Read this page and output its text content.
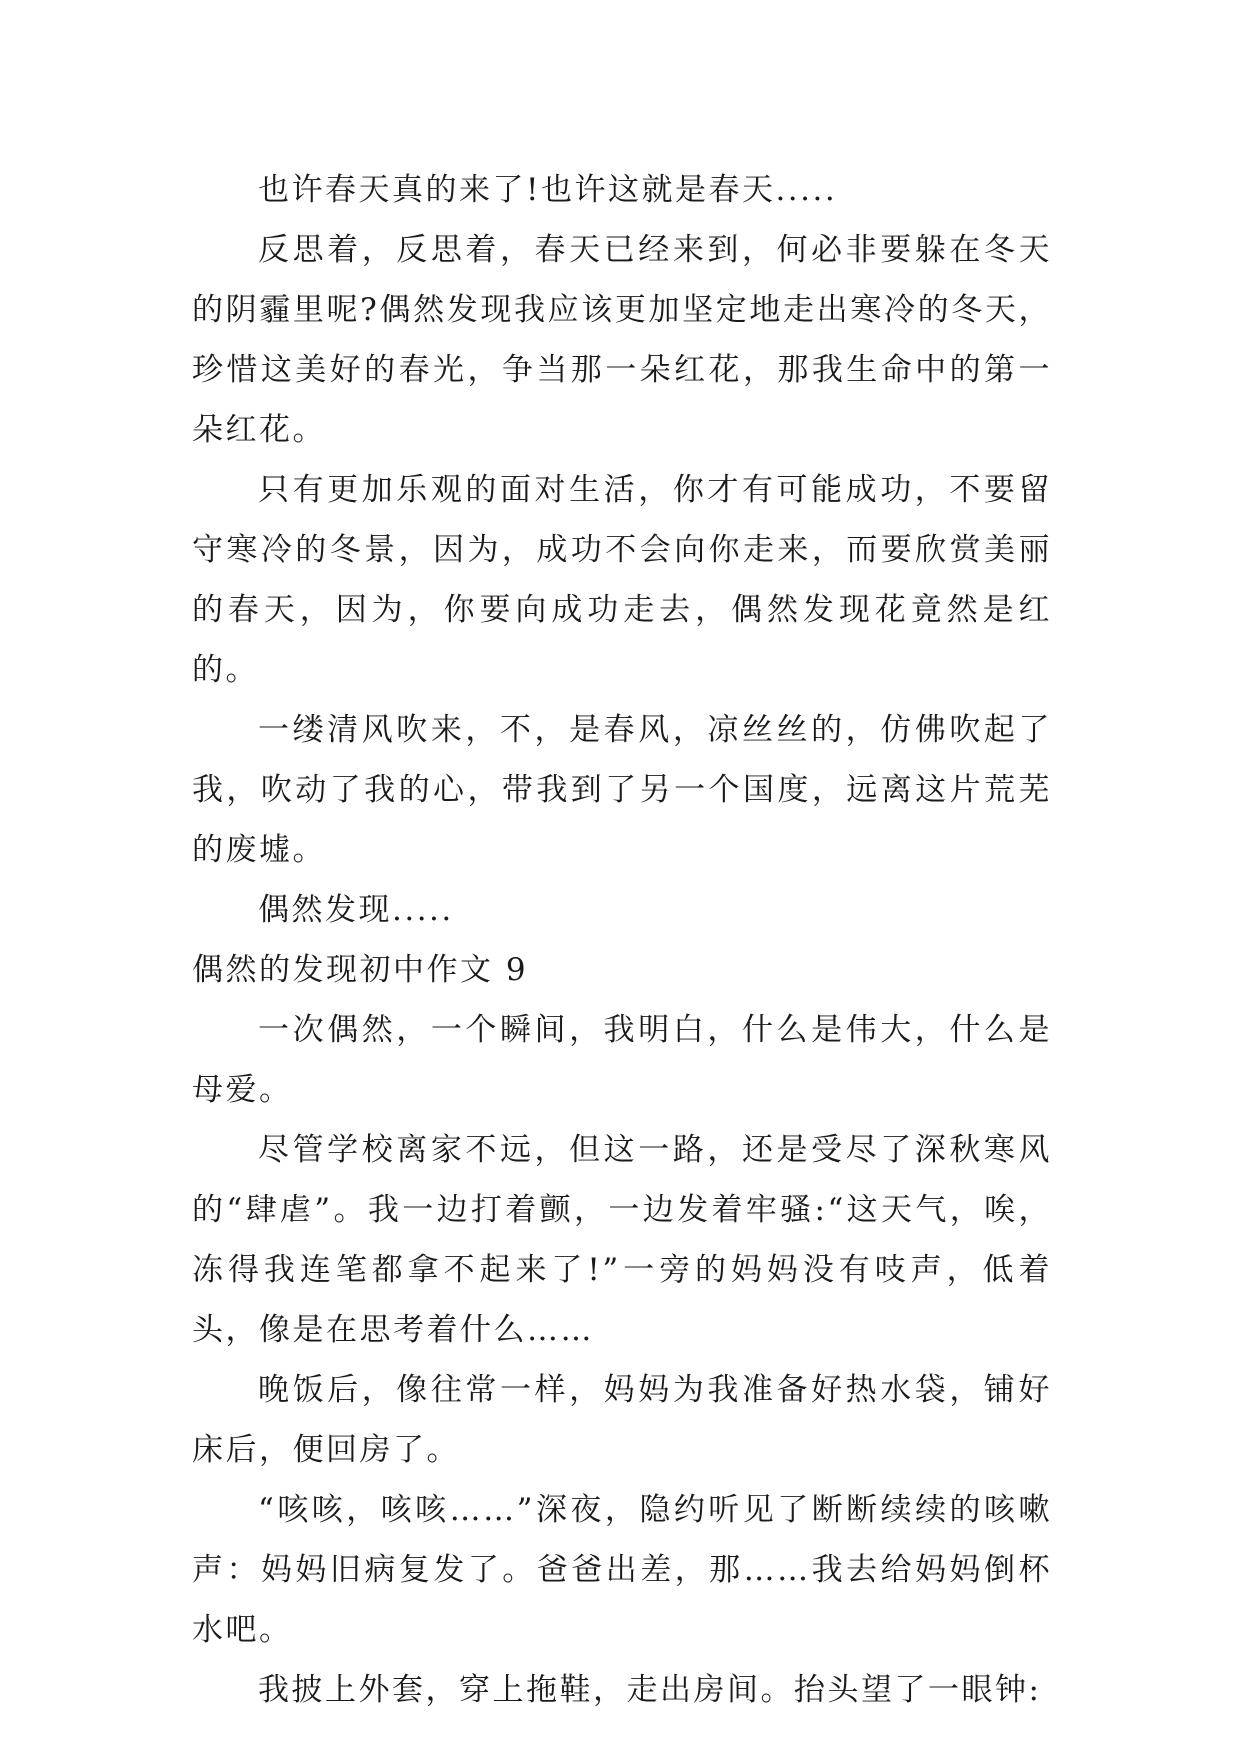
也许春天真的来了!也许这就是春天.....

反思着，反思着，春天已经来到，何必非要躲在冬天的阴霾里呢?偶然发现我应该更加坚定地走出寒冷的冬天，珍惜这美好的春光，争当那一朵红花，那我生命中的第一朵红花。

只有更加乐观的面对生活，你才有可能成功，不要留守寒冷的冬景，因为，成功不会向你走来，而要欣赏美丽的春天，因为，你要向成功走去，偶然发现花竟然是红的。

一缕清风吹来，不，是春风，凉丝丝的，仿佛吹起了我，吹动了我的心，带我到了另一个国度，远离这片荒芜的废墟。

偶然发现.....

偶然的发现初中作文 9

一次偶然，一个瞬间，我明白，什么是伟大，什么是母爱。

尽管学校离家不远，但这一路，还是受尽了深秋寒风的“肆虐”。我一边打着颤，一边发着牢骚:“这天气，唉，冻得我连笔都拿不起来了!”一旁的妈妈没有吱声，低着头，像是在思考着什么……

晚饭后，像往常一样，妈妈为我准备好热水袋，铺好床后，便回房了。

“咳咳，咳咳……”深夜，隐约听见了断断续续的咳嗽声：妈妈旧病复发了。爸爸出差，那……我去给妈妈倒杯水吧。

我披上外套，穿上拖鞋，走出房间。抬头望了一眼钟:
